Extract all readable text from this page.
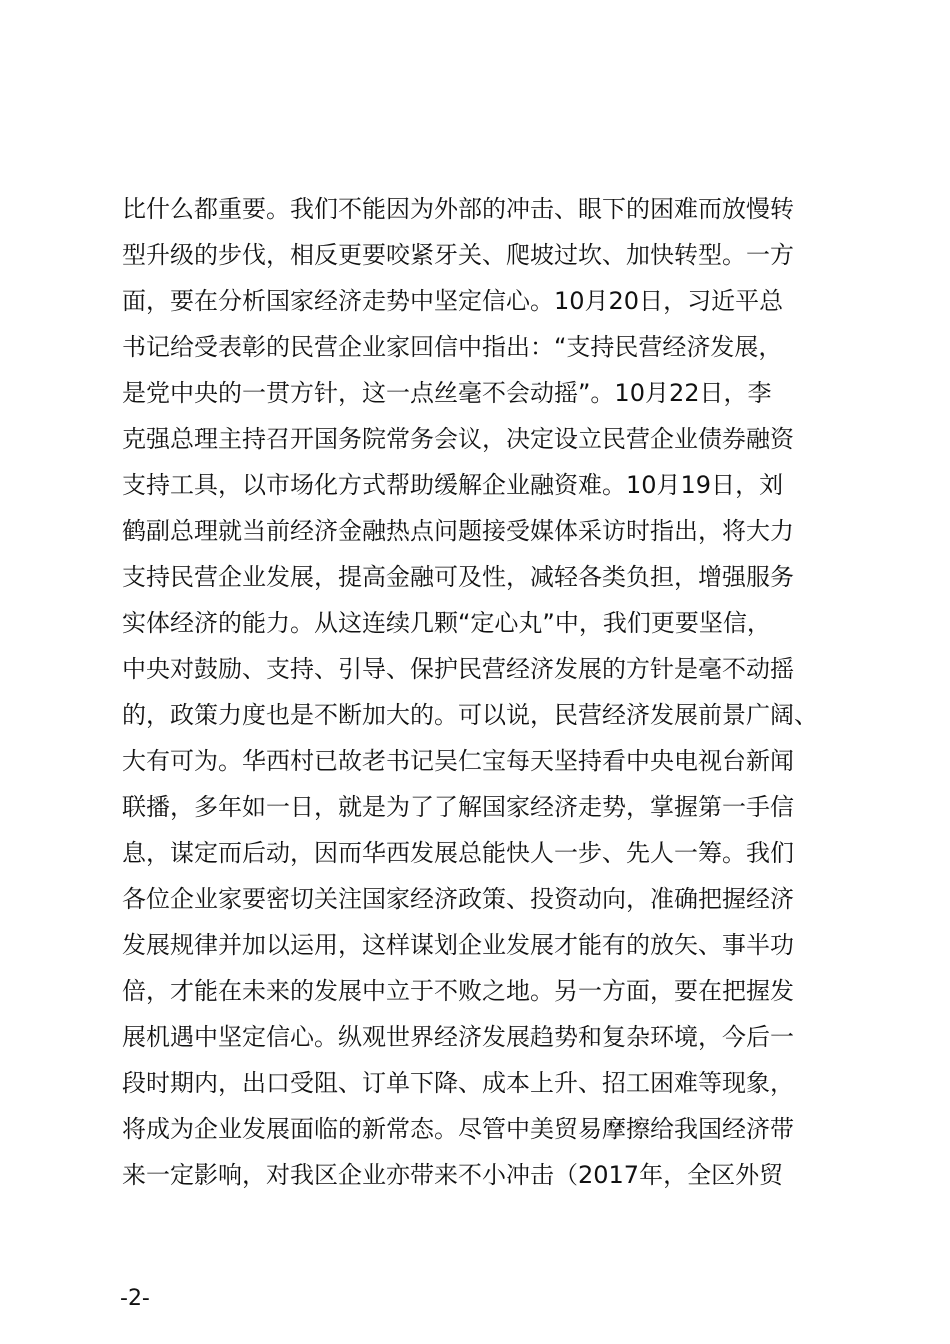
比什么都重要。我们不能因为外部的冲击、眼下的困难而放慢转
型升级的步伐，相反更要咬紧牙关、爬坡过坎、加快转型。一方
面，要在分析国家经济走势中坚定信心。10月20日，习近平总
书记给受表彰的民营企业家回信中指出：“支持民营经济发展，
是党中央的一贯方针，这一点丝毫不会动摇”。10月22日，李
克强总理主持召开国务院常务会议，决定设立民营企业债券融资
支持工具，以市场化方式帮助缓解企业融资难。10月19日，刘
鹤副总理就当前经济金融热点问题接受媒体采访时指出，将大力
支持民营企业发展，提高金融可及性，减轻各类负担，增强服务
实体经济的能力。从这连续几颗“定心丸”中，我们更要坚信，
中央对鼓励、支持、引导、保护民营经济发展的方针是毫不动摇
的，政策力度也是不断加大的。可以说，民营经济发展前景广阔、
大有可为。华西村已故老书记吴仁宝每天坚持看中央电视台新闻
联播，多年如一日，就是为了了解国家经济走势，掌握第一手信
息，谋定而后动，因而华西发展总能快人一步、先人一筹。我们
各位企业家要密切关注国家经济政策、投资动向，准确把握经济
发展规律并加以运用，这样谋划企业发展才能有的放矢、事半功
倍，才能在未来的发展中立于不败之地。另一方面，要在把握发
展机遇中坚定信心。纵观世界经济发展趋势和复杂环境，今后一
段时期内，出口受阻、订单下降、成本上升、招工困难等现象，
将成为企业发展面临的新常态。尽管中美贸易摩擦给我国经济带
来一定影响，对我区企业亦带来不小冲击（2017年，全区外贸
-2-
